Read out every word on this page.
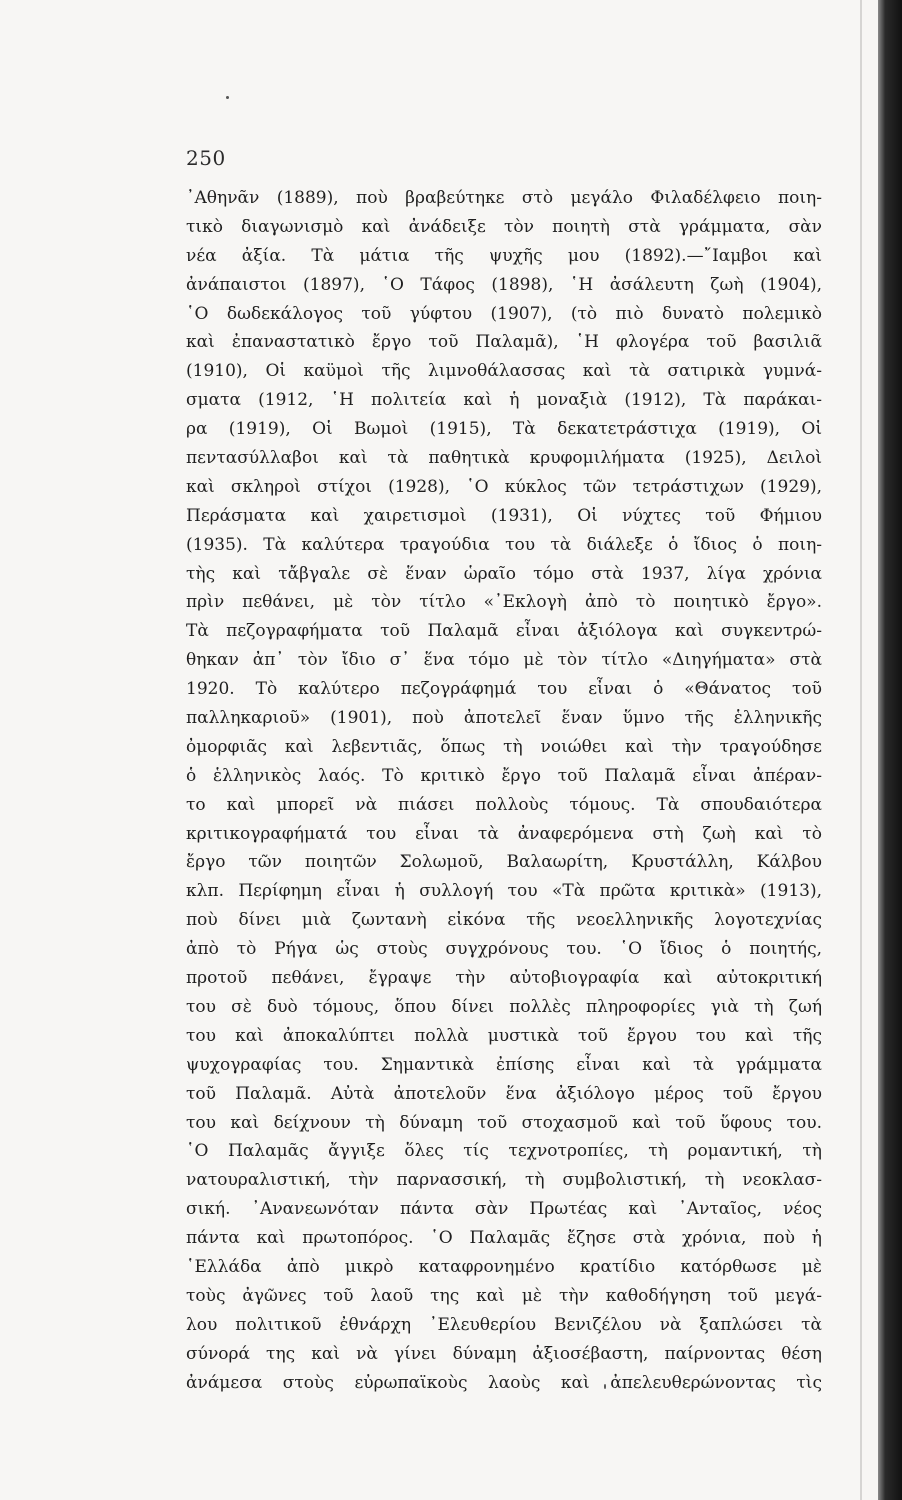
250
᾿Αθηνᾶν (1889), ποὺ βραβεύτηκε στὸ μεγάλο Φιλαδέλφειο ποιη-
τικὸ διαγωνισμὸ καὶ ἀνάδειξε τὸν ποιητὴ στὰ γράμματα, σὰν
νέα ἀξία. Τὰ μάτια τῆς ψυχῆς μου (1892).—῎Ιαμβοι καὶ
ἀνάπαιστοι (1897), ῾Ο Τάφος (1898), ῾Η ἀσάλευτη ζωὴ (1904),
῾Ο δωδεκάλογος τοῦ γύφτου (1907), (τὸ πιὸ δυνατὸ πολεμικὸ
καὶ ἐπαναστατικὸ ἔργο τοῦ Παλαμᾶ), ῾Η φλογέρα τοῦ βασιλιᾶ
(1910), Οἱ καϋμοὶ τῆς λιμνοθάλασσας καὶ τὰ σατιρικὰ γυμνά-
σματα (1912, ῾Η πολιτεία καὶ ἡ μοναξιὰ (1912), Τὰ παράκαι-
ρα (1919), Οἱ Βωμοὶ (1915), Τὰ δεκατετράστιχα (1919), Οἱ
πεντασύλλαβοι καὶ τὰ παθητικὰ κρυφομιλήματα (1925), Δειλοὶ
καὶ σκληροὶ στίχοι (1928), ῾Ο κύκλος τῶν τετράστιχων (1929),
Περάσματα καὶ χαιρετισμοὶ (1931), Οἱ νύχτες τοῦ Φήμιου
(1935). Τὰ καλύτερα τραγούδια του τὰ διάλεξε ὁ ἴδιος ὁ ποιη-
τὴς καὶ τἄβγαλε σὲ ἕναν ὡραῖο τόμο στὰ 1937, λίγα χρόνια
πρὶν πεθάνει, μὲ τὸν τίτλο «᾿Εκλογὴ ἀπὸ τὸ ποιητικὸ ἔργο».
Τὰ πεζογραφήματα τοῦ Παλαμᾶ εἶναι ἀξιόλογα καὶ συγκεντρώ-
θηκαν ἀπ᾿ τὸν ἴδιο σ᾿ ἕνα τόμο μὲ τὸν τίτλο «Διηγήματα» στὰ
1920. Τὸ καλύτερο πεζογράφημά του εἶναι ὁ «Θάνατος τοῦ
παλληκαριοῦ» (1901), ποὺ ἀποτελεῖ ἕναν ὕμνο τῆς ἑλληνικῆς
ὀμορφιᾶς καὶ λεβεντιᾶς, ὅπως τὴ νοιώθει καὶ τὴν τραγούδησε
ὁ ἑλληνικὸς λαός. Τὸ κριτικὸ ἔργο τοῦ Παλαμᾶ εἶναι ἀπέραν-
το καὶ μπορεῖ νὰ πιάσει πολλοὺς τόμους. Τὰ σπουδαιότερα
κριτικογραφήματά του εἶναι τὰ ἀναφερόμενα στὴ ζωὴ καὶ τὸ
ἔργο τῶν ποιητῶν Σολωμοῦ, Βαλαωρίτη, Κρυστάλλη, Κάλβου
κλπ. Περίφημη εἶναι ἡ συλλογή του «Τὰ πρῶτα κριτικὰ» (1913),
ποὺ δίνει μιὰ ζωντανὴ εἰκόνα τῆς νεοελληνικῆς λογοτεχνίας
ἀπὸ τὸ Ρήγα ὡς στοὺς συγχρόνους του. ῾Ο ἴδιος ὁ ποιητής,
προτοῦ πεθάνει, ἔγραψε τὴν αὐτοβιογραφία καὶ αὐτοκριτική
του σὲ δυὸ τόμους, ὅπου δίνει πολλὲς πληροφορίες γιὰ τὴ ζωή
του καὶ ἀποκαλύπτει πολλὰ μυστικὰ τοῦ ἔργου του καὶ τῆς
ψυχογραφίας του. Σημαντικὰ ἐπίσης εἶναι καὶ τὰ γράμματα
τοῦ Παλαμᾶ. Αὐτὰ ἀποτελοῦν ἕνα ἀξιόλογο μέρος τοῦ ἔργου
του καὶ δείχνουν τὴ δύναμη τοῦ στοχασμοῦ καὶ τοῦ ὕφους του.
῾Ο Παλαμᾶς ἄγγιξε ὅλες τίς τεχνοτροπίες, τὴ ρομαντική, τὴ
νατουραλιστική, τὴν παρνασσική, τὴ συμβολιστική, τὴ νεοκλασ-
σική. ᾿Ανανεωνόταν πάντα σὰν Πρωτέας καὶ ᾿Ανταῖος, νέος
πάντα καὶ πρωτοπόρος. ῾Ο Παλαμᾶς ἔζησε στὰ χρόνια, ποὺ ἡ
῾Ελλάδα ἀπὸ μικρὸ καταφρονημένο κρατίδιο κατόρθωσε μὲ
τοὺς ἀγῶνες τοῦ λαοῦ της καὶ μὲ τὴν καθοδήγηση τοῦ μεγά-
λου πολιτικοῦ ἐθνάρχη ᾿Ελευθερίου Βενιζέλου νὰ ξαπλώσει τὰ
σύνορά της καὶ νὰ γίνει δύναμη ἀξιοσέβαστη, παίρνοντας θέση
ἀνάμεσα στοὺς εὐρωπαϊκοὺς λαοὺς καὶ ἀπελευθερώνοντας τὶς
